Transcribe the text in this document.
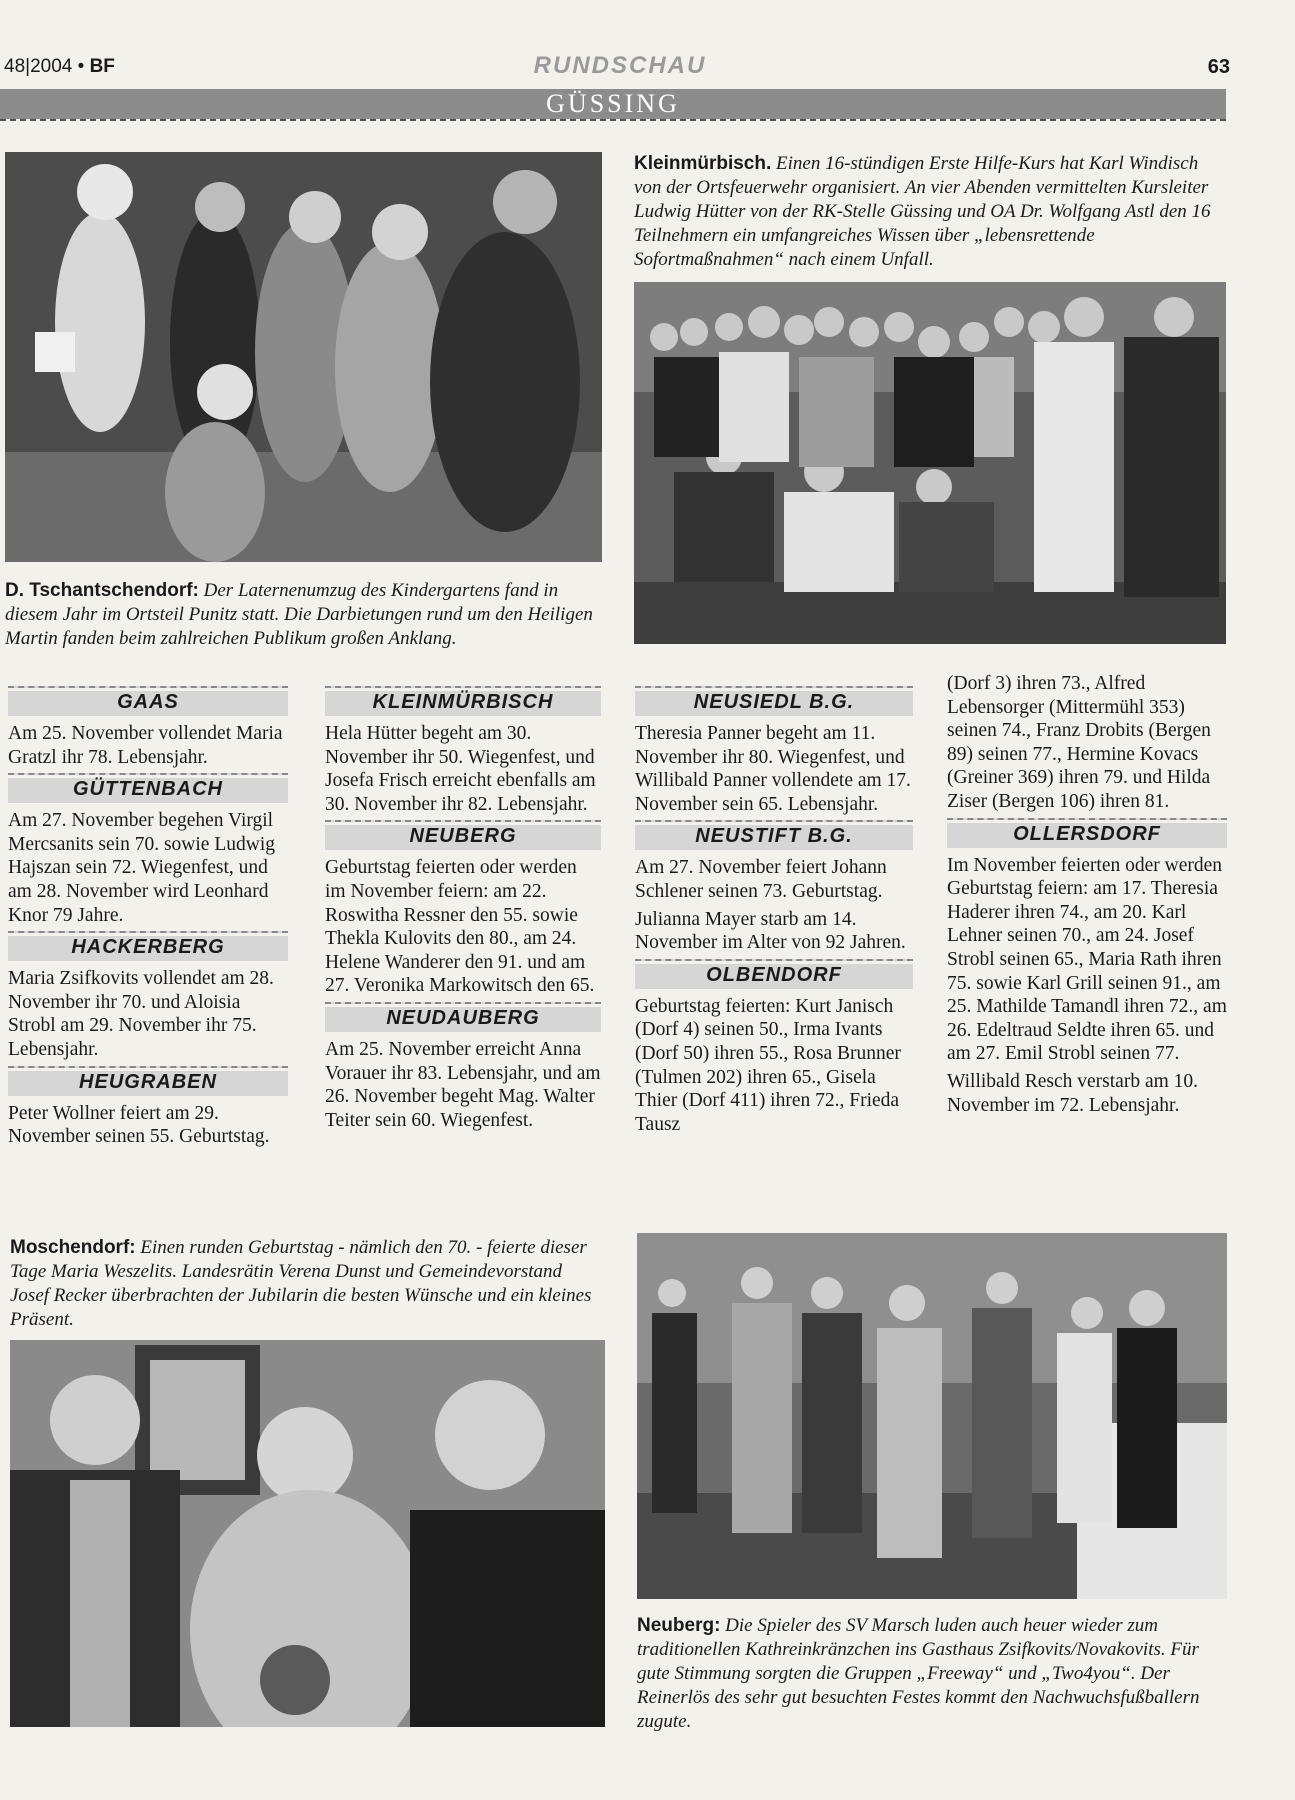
48|2004 • BF	RUNDSCHAU	63
GÜSSING
D. Tschantschendorf: Der Laternenumzug des Kindergartens fand in diesem Jahr im Ortsteil Punitz statt. Die Darbietungen rund um den Heiligen Martin fanden beim zahlreichen Publikum großen Anklang.
Kleinmürbisch. Einen 16-stündigen Erste Hilfe-Kurs hat Karl Windisch von der Ortsfeuerwehr organisiert. An vier Abenden vermittelten Kursleiter Ludwig Hütter von der RK-Stelle Güssing und OA Dr. Wolfgang Astl den 16 Teilnehmern ein umfangreiches Wissen über „lebensrettende Sofortmaßnahmen“ nach einem Unfall.
GAAS

Am 25. November vollendet Maria Gratzl ihr 78. Lebensjahr.

GÜTTENBACH

Am 27. November begehen Virgil Mercsanits sein 70. sowie Ludwig Hajszan sein 72. Wiegenfest, und am 28. November wird Leonhard Knor 79 Jahre.

HACKERBERG

Maria Zsifkovits vollendet am 28. November ihr 70. und Aloisia Strobl am 29. November ihr 75. Lebensjahr.

HEUGRABEN

Peter Wollner feiert am 29. November seinen 55. Geburtstag.

KLEINMÜRBISCH

Hela Hütter begeht am 30. November ihr 50. Wiegenfest, und Josefa Frisch erreicht ebenfalls am 30. November ihr 82. Lebensjahr.

NEUBERG

Geburtstag feierten oder werden im November feiern: am 22. Roswitha Ressner den 55. sowie Thekla Kulovits den 80., am 24. Helene Wanderer den 91. und am 27. Veronika Markowitsch den 65.

NEUDAUBERG

Am 25. November erreicht Anna Vorauer ihr 83. Lebensjahr, und am 26. November begeht Mag. Walter Teiter sein 60. Wiegenfest.

NEUSIEDL B.G.

Theresia Panner begeht am 11. November ihr 80. Wiegenfest, und Willibald Panner vollendete am 17. November sein 65. Lebensjahr.

NEUSTIFT B.G.

Am 27. November feiert Johann Schlener seinen 73. Geburtstag.

Julianna Mayer starb am 14. November im Alter von 92 Jahren.

OLBENDORF

Geburtstag feierten: Kurt Janisch (Dorf 4) seinen 50., Irma Ivants (Dorf 50) ihren 55., Rosa Brunner (Tulmen 202) ihren 65., Gisela Thier (Dorf 411) ihren 72., Frieda Tausz

(Dorf 3) ihren 73., Alfred Lebensorger (Mittermühl 353) seinen 74., Franz Drobits (Bergen 89) seinen 77., Hermine Kovacs (Greiner 369) ihren 79. und Hilda Ziser (Bergen 106) ihren 81.

OLLERSDORF

Im November feierten oder werden Geburtstag feiern: am 17. Theresia Haderer ihren 74., am 20. Karl Lehner seinen 70., am 24. Josef Strobl seinen 65., Maria Rath ihren 75. sowie Karl Grill seinen 91., am 25. Mathilde Tamandl ihren 72., am 26. Edeltraud Seldte ihren 65. und am 27. Emil Strobl seinen 77.

Willibald Resch verstarb am 10. November im 72. Lebensjahr.

Moschendorf: Einen runden Geburtstag - nämlich den 70. - feierte dieser Tage Maria Weszelits. Landesrätin Verena Dunst und Gemeindevorstand Josef Recker überbrachten der Jubilarin die besten Wünsche und ein kleines Präsent.
Neuberg: Die Spieler des SV Marsch luden auch heuer wieder zum traditionellen Kathreinkränzchen ins Gasthaus Zsifkovits/Novakovits. Für gute Stimmung sorgten die Gruppen „Freeway“ und „Two4you“. Der Reinerlös des sehr gut besuchten Festes kommt den Nachwuchsfußballern zugute.
